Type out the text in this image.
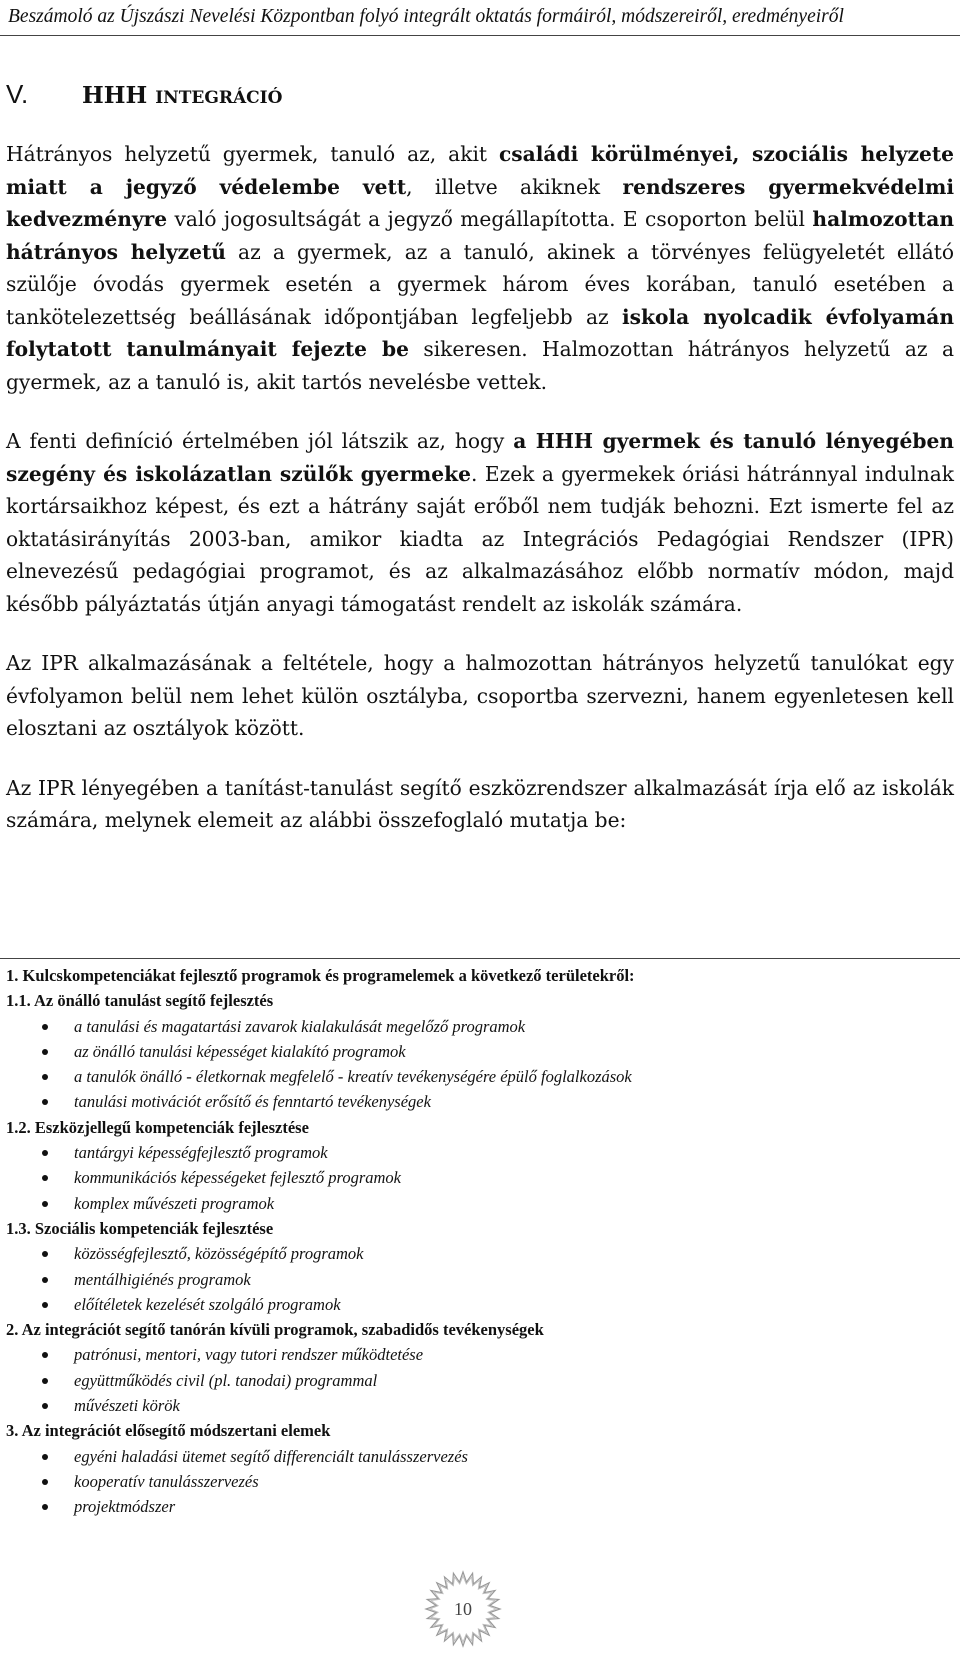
Beszámoló az Újszászi Nevelési Központban folyó integrált oktatás formáiról, módszereiről, eredményeiről
V. HHH INTEGRÁCIÓ

Hátrányos helyzetű gyermek, tanuló az, akit családi körülményei, szociális helyzete miatt a jegyző védelembe vett, illetve akiknek rendszeres gyermekvédelmi kedvezményre való jogosultságát a jegyző megállapította. E csoporton belül halmozottan hátrányos helyzetű az a gyermek, az a tanuló, akinek a törvényes felügyeletét ellátó szülője óvodás gyermek esetén a gyermek három éves korában, tanuló esetében a tankötelezettség beállásának időpontjában legfeljebb az iskola nyolcadik évfolyamán folytatott tanulmányait fejezte be sikeresen. Halmozottan hátrányos helyzetű az a gyermek, az a tanuló is, akit tartós nevelésbe vettek.

A fenti definíció értelmében jól látszik az, hogy a HHH gyermek és tanuló lényegében szegény és iskolázatlan szülők gyermeke. Ezek a gyermekek óriási hátránnyal indulnak kortársaikhoz képest, és ezt a hátrány saját erőből nem tudják behozni. Ezt ismerte fel az oktatásirányítás 2003-ban, amikor kiadta az Integrációs Pedagógiai Rendszer (IPR) elnevezésű pedagógiai programot, és az alkalmazásához előbb normatív módon, majd később pályáztatás útján anyagi támogatást rendelt az iskolák számára.

Az IPR alkalmazásának a feltétele, hogy a halmozottan hátrányos helyzetű tanulókat egy évfolyamon belül nem lehet külön osztályba, csoportba szervezni, hanem egyenletesen kell elosztani az osztályok között.

Az IPR lényegében a tanítást-tanulást segítő eszközrendszer alkalmazását írja elő az iskolák számára, melynek elemeit az alábbi összefoglaló mutatja be:

1. Kulcskompetenciákat fejlesztő programok és programelemek a következő területekről:
1.1. Az önálló tanulást segítő fejlesztés
a tanulási és magatartási zavarok kialakulását megelőző programok
az önálló tanulási képességet kialakító programok
a tanulók önálló - életkornak megfelelő - kreatív tevékenységére épülő foglalkozások
tanulási motivációt erősítő és fenntartó tevékenységek
1.2. Eszközjellegű kompetenciák fejlesztése
tantárgyi képességfejlesztő programok
kommunikációs képességeket fejlesztő programok
komplex művészeti programok
1.3. Szociális kompetenciák fejlesztése
közösségfejlesztő, közösségépítő programok
mentálhigiénés programok
előítéletek kezelését szolgáló programok
2. Az integrációt segítő tanórán kívüli programok, szabadidős tevékenységek
patrónusi, mentori, vagy tutori rendszer működtetése
együttműködés civil (pl. tanodai) programmal
művészeti körök
3. Az integrációt elősegítő módszertani elemek
egyéni haladási ütemet segítő differenciált tanulásszervezés
kooperatív tanulásszervezés
projektmódszer
10
